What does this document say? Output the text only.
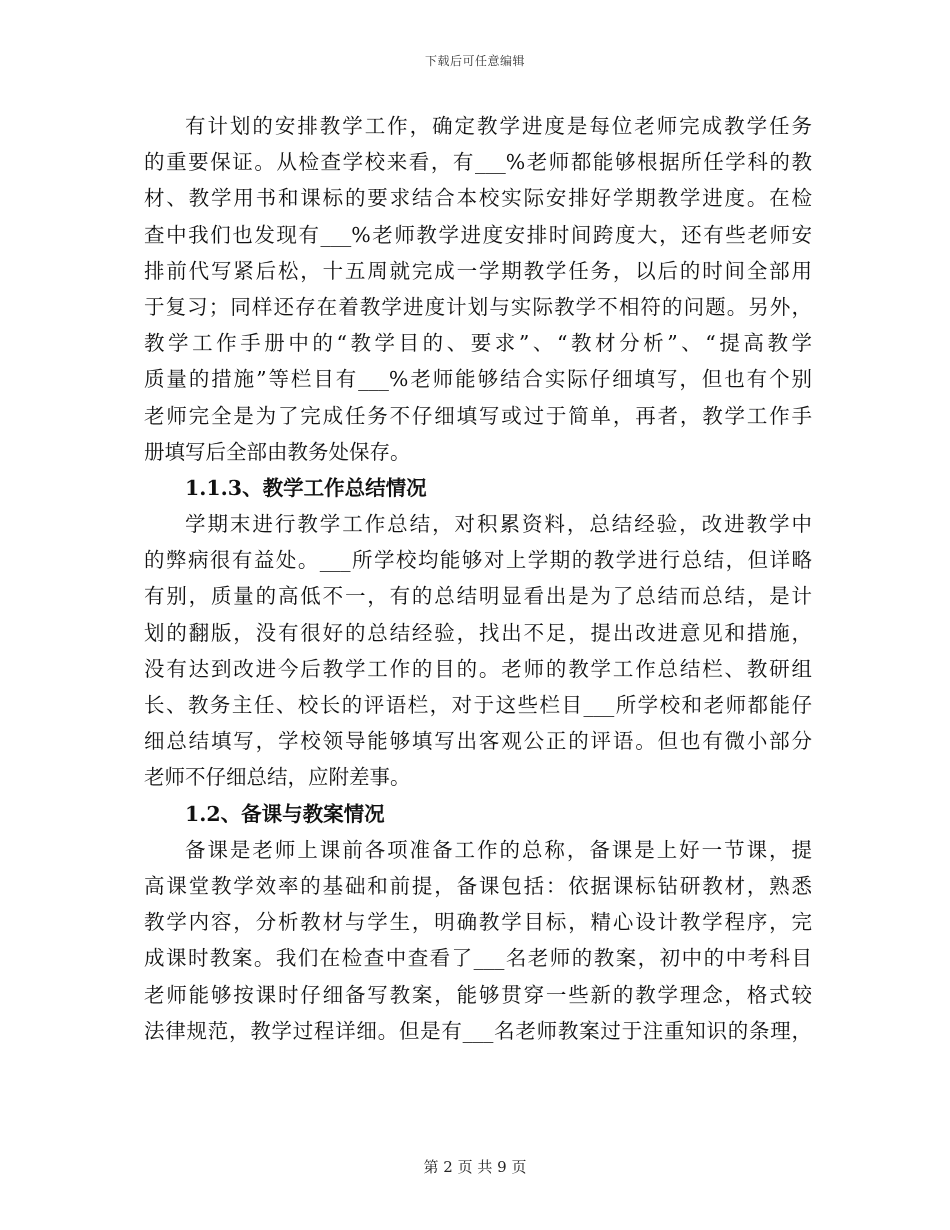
下载后可任意编辑
有计划的安排教学工作，确定教学进度是每位老师完成教学任务
的重要保证。从检查学校来看，有___%老师都能够根据所任学科的教
材、教学用书和课标的要求结合本校实际安排好学期教学进度。在检
查中我们也发现有___%老师教学进度安排时间跨度大，还有些老师安
排前代写紧后松，十五周就完成一学期教学任务，以后的时间全部用
于复习；同样还存在着教学进度计划与实际教学不相符的问题。另外，
教学工作手册中的“教学目的、要求”、“教材分析”、“提高教学
质量的措施”等栏目有___%老师能够结合实际仔细填写，但也有个别
老师完全是为了完成任务不仔细填写或过于简单，再者，教学工作手
册填写后全部由教务处保存。
1.1.3、教学工作总结情况
学期末进行教学工作总结，对积累资料，总结经验，改进教学中
的弊病很有益处。___所学校均能够对上学期的教学进行总结，但详略
有别，质量的高低不一，有的总结明显看出是为了总结而总结，是计
划的翻版，没有很好的总结经验，找出不足，提出改进意见和措施，
没有达到改进今后教学工作的目的。老师的教学工作总结栏、教研组
长、教务主任、校长的评语栏，对于这些栏目___所学校和老师都能仔
细总结填写，学校领导能够填写出客观公正的评语。但也有微小部分
老师不仔细总结，应附差事。
1.2、备课与教案情况
备课是老师上课前各项准备工作的总称，备课是上好一节课，提
高课堂教学效率的基础和前提，备课包括：依据课标钻研教材，熟悉
教学内容，分析教材与学生，明确教学目标，精心设计教学程序，完
成课时教案。我们在检查中查看了___名老师的教案，初中的中考科目
老师能够按课时仔细备写教案，能够贯穿一些新的教学理念，格式较
法律规范，教学过程详细。但是有___名老师教案过于注重知识的条理，
第 2 页 共 9 页
